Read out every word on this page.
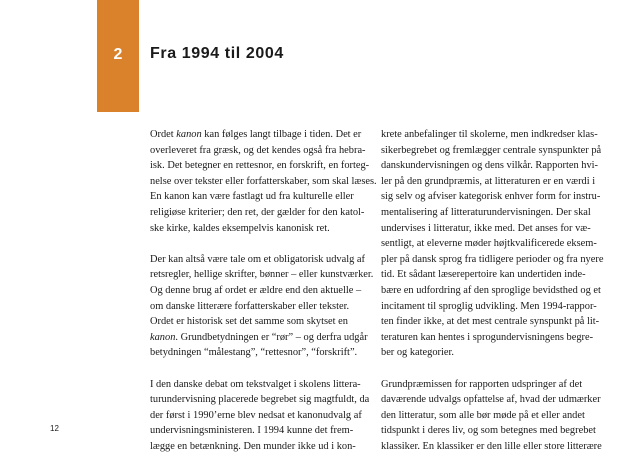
2	Fra 1994 til 2004
Ordet kanon kan følges langt tilbage i tiden. Det er
overleveret fra græsk, og det kendes også fra hebra-
isk. Det betegner en rettesnor, en forskrift, en forteg-
nelse over tekster eller forfatterskaber, som skal læses.
En kanon kan være fastlagt ud fra kulturelle eller
religiøse kriterier; den ret, der gælder for den katol-
ske kirke, kaldes eksempelvis kanonisk ret.
Der kan altså være tale om et obligatorisk udvalg af
retsregler, hellige skrifter, bønner – eller kunstværker.
Og denne brug af ordet er ældre end den aktuelle –
om danske litterære forfatterskaber eller tekster.
Ordet er historisk set det samme som skytset en
kanon. Grundbetydningen er “rør” – og derfra udgår
betydningen “målestang”, “rettesnor”, “forskrift”.
I den danske debat om tekstvalget i skolens littera-
turundervisning placerede begrebet sig magtfuldt, da
der først i 1990’erne blev nedsat et kanonudvalg af
undervisningsministeren. I 1994 kunne det frem-
lægge en betænkning. Den munder ikke ud i kon-
krete anbefalinger til skolerne, men indkredser klas-
sikerbegrebet og fremlægger centrale synspunkter på
danskundervisningen og dens vilkår. Rapporten hvi-
ler på den grundpræmis, at litteraturen er en værdi i
sig selv og afviser kategorisk enhver form for instru-
mentalisering af litteraturundervisningen. Der skal
undervises i litteratur, ikke med. Det anses for væ-
sentligt, at eleverne møder højtkvalificerede eksem-
pler på dansk sprog fra tidligere perioder og fra nyere
tid. Et sådant læserepertoire kan undertiden inde-
bære en udfordring af den sproglige bevidsthed og et
incitament til sproglig udvikling. Men 1994-rappor-
ten finder ikke, at det mest centrale synspunkt på lit-
teraturen kan hentes i sprogundervisningens begre-
ber og kategorier.
Grundpræmissen for rapporten udspringer af det
daværende udvalgs opfattelse af, hvad der udmærker
den litteratur, som alle bør møde på et eller andet
tidspunkt i deres liv, og som betegnes med begrebet
klassiker. En klassiker er den lille eller store litterære
12
